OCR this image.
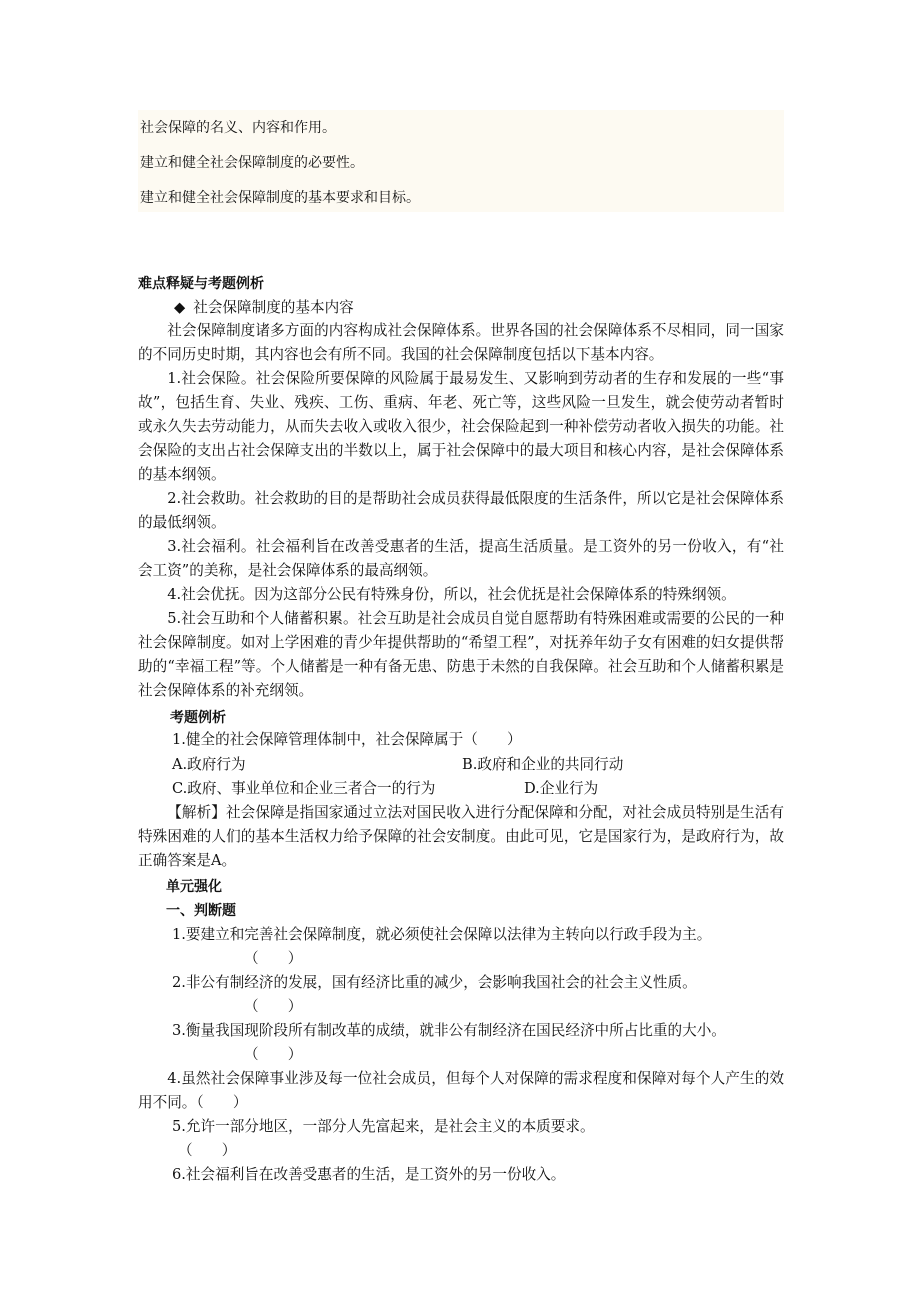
社会保障的名义、内容和作用。
建立和健全社会保障制度的必要性。
建立和健全社会保障制度的基本要求和目标。
难点释疑与考题例析
◆ 社会保障制度的基本内容

社会保障制度诸多方面的内容构成社会保障体系。世界各国的社会保障体系不尽相同，同一国家的不同历史时期，其内容也会有所不同。我国的社会保障制度包括以下基本内容。

1.社会保险。社会保险所要保障的风险属于最易发生、又影响到劳动者的生存和发展的一些“事故”，包括生育、失业、残疾、工伤、重病、年老、死亡等，这些风险一旦发生，就会使劳动者暂时或永久失去劳动能力，从而失去收入或收入很少，社会保险起到一种补偿劳动者收入损失的功能。社会保险的支出占社会保障支出的半数以上，属于社会保障中的最大项目和核心内容，是社会保障体系的基本纲领。

2.社会救助。社会救助的目的是帮助社会成员获得最低限度的生活条件，所以它是社会保障体系的最低纲领。

3.社会福利。社会福利旨在改善受惠者的生活，提高生活质量。是工资外的另一份收入，有“社会工资”的美称，是社会保障体系的最高纲领。

4.社会优抚。因为这部分公民有特殊身份，所以，社会优抚是社会保障体系的特殊纲领。

5.社会互助和个人储蓄积累。社会互助是社会成员自觉自愿帮助有特殊困难或需要的公民的一种社会保障制度。如对上学困难的青少年提供帮助的“希望工程”，对抚养年幼子女有困难的妇女提供帮助的“幸福工程”等。个人储蓄是一种有备无患、防患于未然的自我保障。社会互助和个人储蓄积累是社会保障体系的补充纲领。

考题例析
1.健全的社会保障管理体制中，社会保障属于（　　）
A.政府行为	B.政府和企业的共同行动
C.政府、事业单位和企业三者合一的行为	D.企业行为

【解析】社会保障是指国家通过立法对国民收入进行分配保障和分配，对社会成员特别是生活有特殊困难的人们的基本生活权力给予保障的社会安制度。由此可见，它是国家行为，是政府行为，故正确答案是A。

单元强化
一、判断题
1.要建立和完善社会保障制度，就必须使社会保障以法律为主转向以行政手段为主。
（　　）
2.非公有制经济的发展，国有经济比重的减少，会影响我国社会的社会主义性质。
（　　）
3.衡量我国现阶段所有制改革的成绩，就非公有制经济在国民经济中所占比重的大小。
（　　）

4.虽然社会保障事业涉及每一位社会成员，但每个人对保障的需求程度和保障对每个人产生的效用不同。（　　）

5.允许一部分地区，一部分人先富起来，是社会主义的本质要求。
（　　）
6.社会福利旨在改善受惠者的生活，是工资外的另一份收入。
